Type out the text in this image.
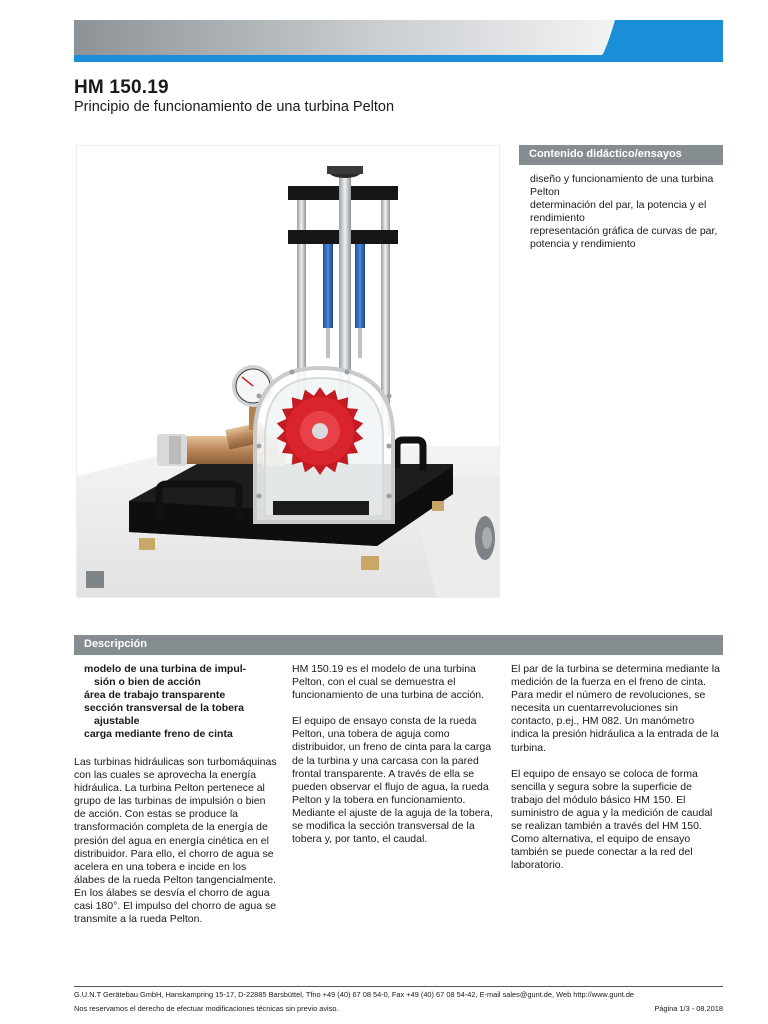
HM 150.19
Principio de funcionamiento de una turbina Pelton
Contenido didáctico/ensayos
diseño y funcionamiento de una turbina Pelton
determinación del par, la potencia y el rendimiento
representación gráfica de curvas de par, potencia y rendimiento
Descripción
modelo de una turbina de impul-
sión o bien de acción
área de trabajo transparente
sección transversal de la tobera
ajustable
carga mediante freno de cinta

Las turbinas hidráulicas son turbomáquinas con las cuales se aprovecha la energía hidráulica. La turbina Pelton pertenece al grupo de las turbinas de impulsión o bien de acción. Con estas se produce la transformación completa de la energía de presión del agua en energía cinética en el distribuidor. Para ello, el chorro de agua se acelera en una tobera e incide en los álabes de la rueda Pelton tangencialmente. En los álabes se desvía el chorro de agua casi 180°. El impulso del chorro de agua se transmite a la rueda Pelton.

HM 150.19 es el modelo de una turbina Pelton, con el cual se demuestra el funcionamiento de una turbina de acción.

El equipo de ensayo consta de la rueda Pelton, una tobera de aguja como distribuidor, un freno de cinta para la carga de la turbina y una carcasa con la pared frontal transparente. A través de ella se pueden observar el flujo de agua, la rueda Pelton y la tobera en funcionamiento. Mediante el ajuste de la aguja de la tobera, se modifica la sección transversal de la tobera y, por tanto, el caudal.

El par de la turbina se determina mediante la medición de la fuerza en el freno de cinta. Para medir el número de revoluciones, se necesita un cuentarrevoluciones sin contacto, p.ej., HM 082. Un manómetro indica la presión hidráulica a la entrada de la turbina.

El equipo de ensayo se coloca de forma sencilla y segura sobre la superficie de trabajo del módulo básico HM 150. El suministro de agua y la medición de caudal se realizan también a través del HM 150. Como alternativa, el equipo de ensayo también se puede conectar a la red del laboratorio.

G.U.N.T Gerätebau GmbH, Hanskampring 15-17, D-22885 Barsbüttel, Tfno +49 (40) 67 08 54-0, Fax +49 (40) 67 08 54-42, E-mail sales@gunt.de, Web http://www.gunt.de
Nos reservamos el derecho de efectuar modificaciones técnicas sin previo aviso.	Página 1/3 - 08.2018
